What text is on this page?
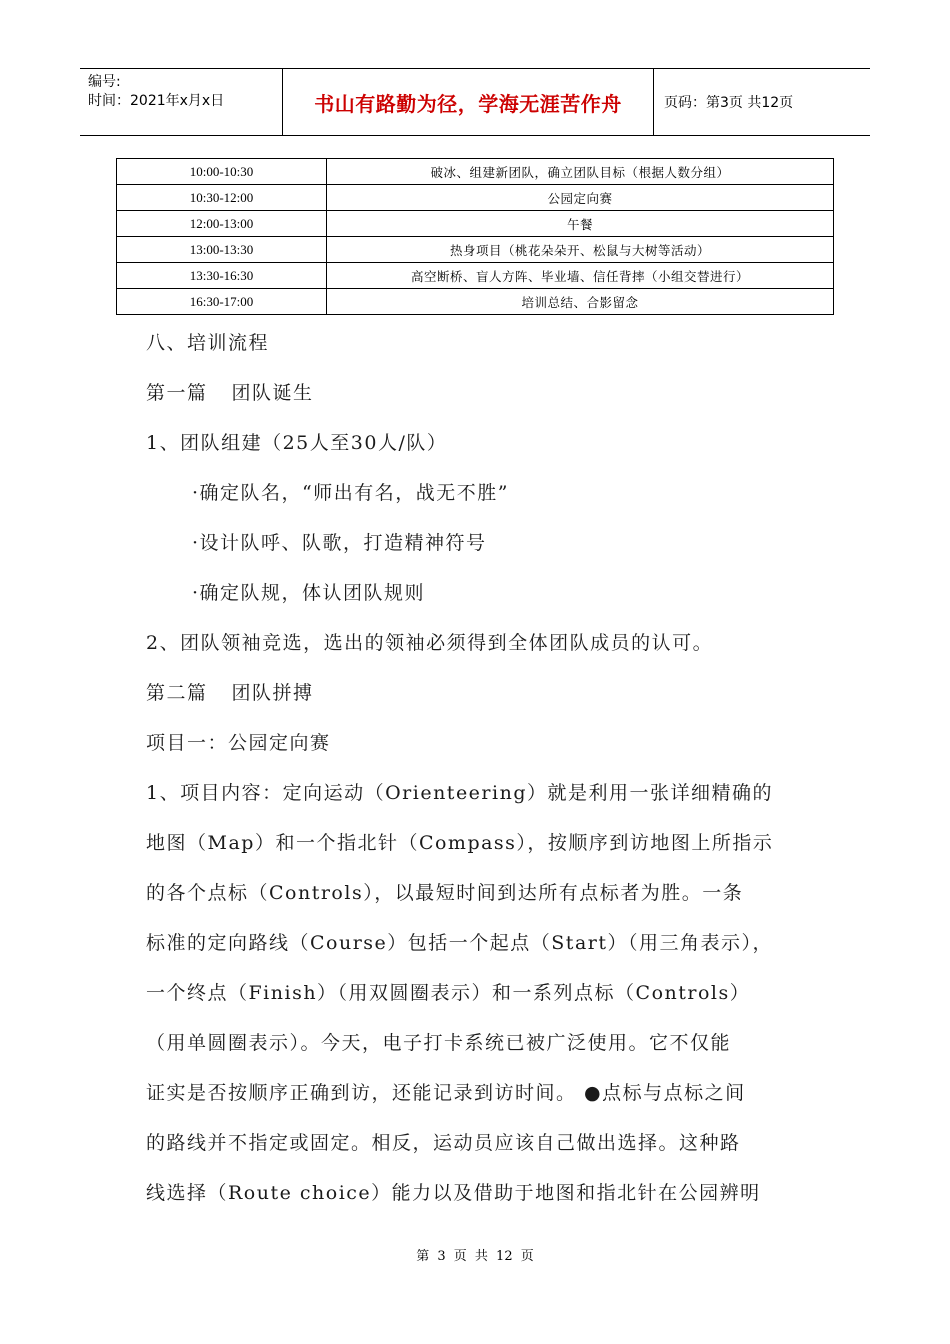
编号:
时间：2021年x月x日	书山有路勤为径，学海无涯苦作舟	页码：第3页 共12页
10:00-10:30	破冰、组建新团队，确立团队目标（根据人数分组）
10:30-12:00	公园定向赛
12:00-13:00	午餐
13:00-13:30	热身项目（桃花朵朵开、松鼠与大树等活动）
13:30-16:30	高空断桥、盲人方阵、毕业墙、信任背摔（小组交替进行）
16:30-17:00	培训总结、合影留念
八、培训流程
第一篇 团队诞生
1、团队组建（25人至30人/队）
·确定队名，“师出有名，战无不胜”
·设计队呼、队歌，打造精神符号
·确定队规，体认团队规则
2、团队领袖竞选，选出的领袖必须得到全体团队成员的认可。
第二篇 团队拼搏
项目一：公园定向赛
1、项目内容：定向运动（Orienteering）就是利用一张详细精确的
地图（Map）和一个指北针（Compass），按顺序到访地图上所指示
的各个点标（Controls），以最短时间到达所有点标者为胜。一条
标准的定向路线（Course）包括一个起点（Start）（用三角表示），
一个终点（Finish）（用双圆圈表示）和一系列点标（Controls）
（用单圆圈表示）。今天，电子打卡系统已被广泛使用。它不仅能
证实是否按顺序正确到访，还能记录到访时间。 ●点标与点标之间
的路线并不指定或固定。相反，运动员应该自己做出选择。这种路
线选择（Route choice）能力以及借助于地图和指北针在公园辨明
第 3 页 共 12 页
